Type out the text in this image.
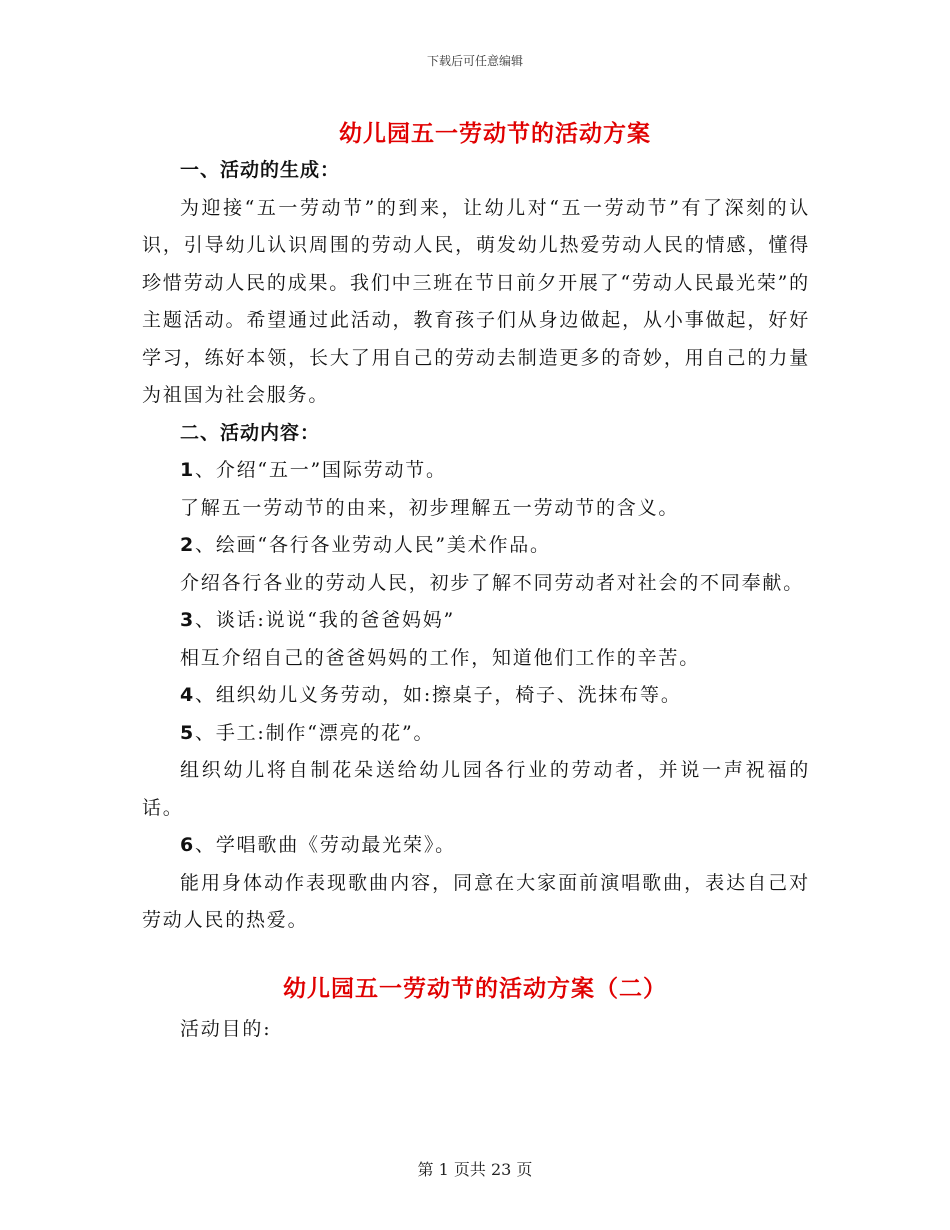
下载后可任意编辑
幼儿园五一劳动节的活动方案

一、活动的生成：

为迎接“五一劳动节”的到来，让幼儿对“五一劳动节”有了深刻的认识，引导幼儿认识周围的劳动人民，萌发幼儿热爱劳动人民的情感，懂得珍惜劳动人民的成果。我们中三班在节日前夕开展了“劳动人民最光荣”的主题活动。希望通过此活动，教育孩子们从身边做起，从小事做起，好好学习，练好本领，长大了用自己的劳动去制造更多的奇妙，用自己的力量为祖国为社会服务。

二、活动内容：

1、介绍“五一”国际劳动节。

了解五一劳动节的由来，初步理解五一劳动节的含义。

2、绘画“各行各业劳动人民”美术作品。

介绍各行各业的劳动人民，初步了解不同劳动者对社会的不同奉献。

3、谈话:说说“我的爸爸妈妈”

相互介绍自己的爸爸妈妈的工作，知道他们工作的辛苦。

4、组织幼儿义务劳动，如:擦桌子，椅子、洗抹布等。

5、手工:制作“漂亮的花”。

组织幼儿将自制花朵送给幼儿园各行业的劳动者，并说一声祝福的话。

6、学唱歌曲《劳动最光荣》。

能用身体动作表现歌曲内容，同意在大家面前演唱歌曲，表达自己对劳动人民的热爱。

幼儿园五一劳动节的活动方案（二）

活动目的:

第 1 页共 23 页
